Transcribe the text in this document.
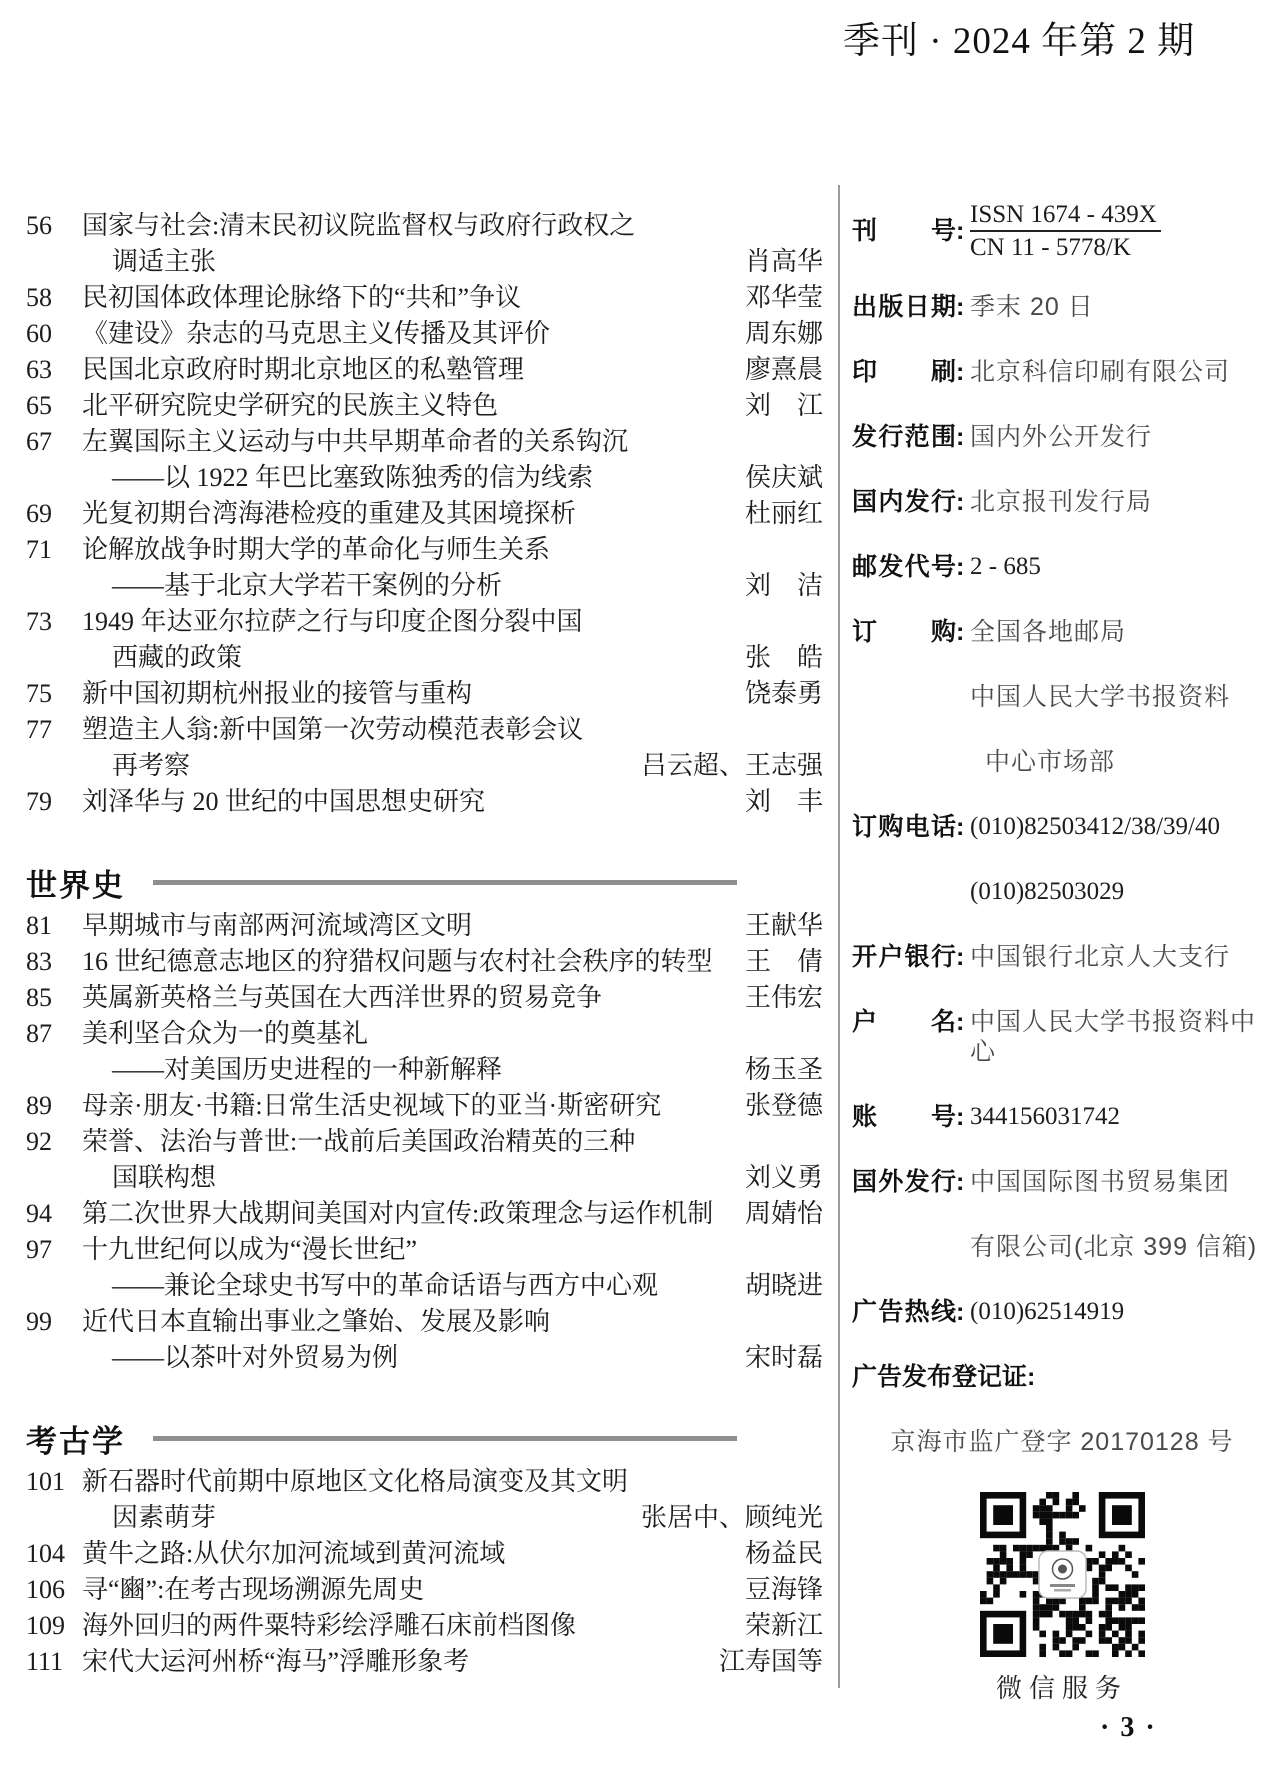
季刊 · 2024 年第 2 期
56	国家与社会:清末民初议院监督权与政府行政权之
调适主张	肖高华
58	民初国体政体理论脉络下的“共和”争议	邓华莹
60	《建设》杂志的马克思主义传播及其评价	周东娜
63	民国北京政府时期北京地区的私塾管理	廖熹晨
65	北平研究院史学研究的民族主义特色	刘　江
67	左翼国际主义运动与中共早期革命者的关系钩沉
——以 1922 年巴比塞致陈独秀的信为线索	侯庆斌
69	光复初期台湾海港检疫的重建及其困境探析	杜丽红
71	论解放战争时期大学的革命化与师生关系
——基于北京大学若干案例的分析	刘　洁
73	1949 年达亚尔拉萨之行与印度企图分裂中国
西藏的政策	张　皓
75	新中国初期杭州报业的接管与重构	饶泰勇
77	塑造主人翁:新中国第一次劳动模范表彰会议
再考察	吕云超、王志强
79	刘泽华与 20 世纪的中国思想史研究	刘　丰
世界史
81	早期城市与南部两河流域湾区文明	王献华
83	16 世纪德意志地区的狩猎权问题与农村社会秩序的转型 王　倩
85	英属新英格兰与英国在大西洋世界的贸易竞争	王伟宏
87	美利坚合众为一的奠基礼
——对美国历史进程的一种新解释	杨玉圣
89	母亲·朋友·书籍:日常生活史视域下的亚当·斯密研究	张登德
92	荣誉、法治与普世:一战前后美国政治精英的三种
国联构想	刘义勇
94	第二次世界大战期间美国对内宣传:政策理念与运作机制 周婧怡
97	十九世纪何以成为“漫长世纪”
——兼论全球史书写中的革命话语与西方中心观	胡晓进
99	近代日本直输出事业之肇始、发展及影响
——以茶叶对外贸易为例	宋时磊
考古学
101 新石器时代前期中原地区文化格局演变及其文明
因素萌芽	张居中、顾纯光
104 黄牛之路:从伏尔加河流域到黄河流域	杨益民
106 寻“豳”:在考古现场溯源先周史	豆海锋
109 海外回归的两件粟特彩绘浮雕石床前档图像	荣新江
111 宋代大运河州桥“海马”浮雕形象考	江寿国等
刊号 : $\frac{\text{ISSN 1674 - 439X}}{CN 11 - 5778/K}$
出版日期 : 季末 20 日
印刷 : 北京科信印刷有限公司
发行范围 : 国内外公开发行
国内发行 : 北京报刊发行局
邮发代号 : 2 - 685
订购 : 全国各地邮局
中国人民大学书报资料
中心市场部
订购电话 : (010)82503412/38/39/40
(010)82503029
开户银行 : 中国银行北京人大支行
户名 : 中国人民大学书报资料中心
账号 : 344156031742
国外发行 : 中国国际图书贸易集团
有限公司(北京 399 信箱)
广告热线 : (010)62514919
广告发布登记证 :
京海市监广登字 20170128 号
微信服务
· 3 ·
